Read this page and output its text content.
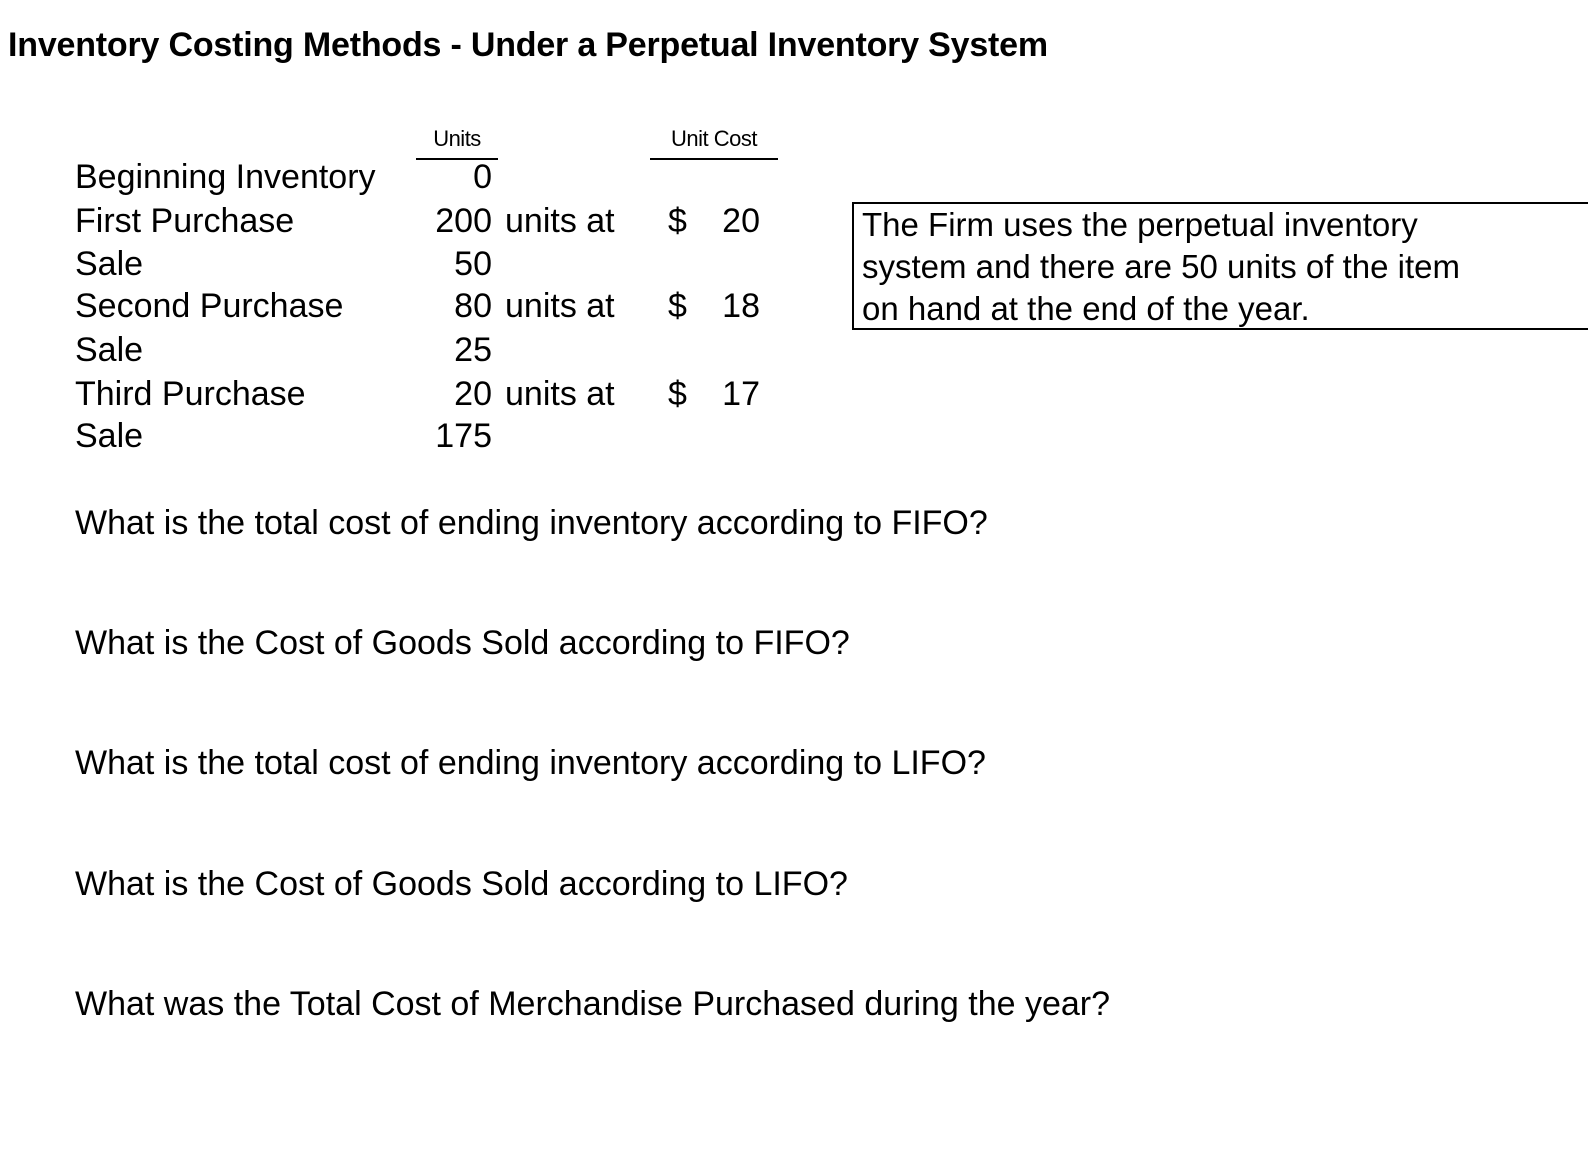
Inventory Costing Methods - Under a Perpetual Inventory System
Units	Unit Cost
Beginning Inventory	0
First Purchase	200 units at $ 20
Sale	50
Second Purchase	80 units at $ 18
Sale	25
Third Purchase	20 units at $ 17
Sale	175
The Firm uses the perpetual inventory
system and there are 50 units of the item
on hand at the end of the year.
What is the total cost of ending inventory according to FIFO?
What is the Cost of Goods Sold according to FIFO?
What is the total cost of ending inventory according to LIFO?
What is the Cost of Goods Sold according to LIFO?
What was the Total Cost of Merchandise Purchased during the year?
